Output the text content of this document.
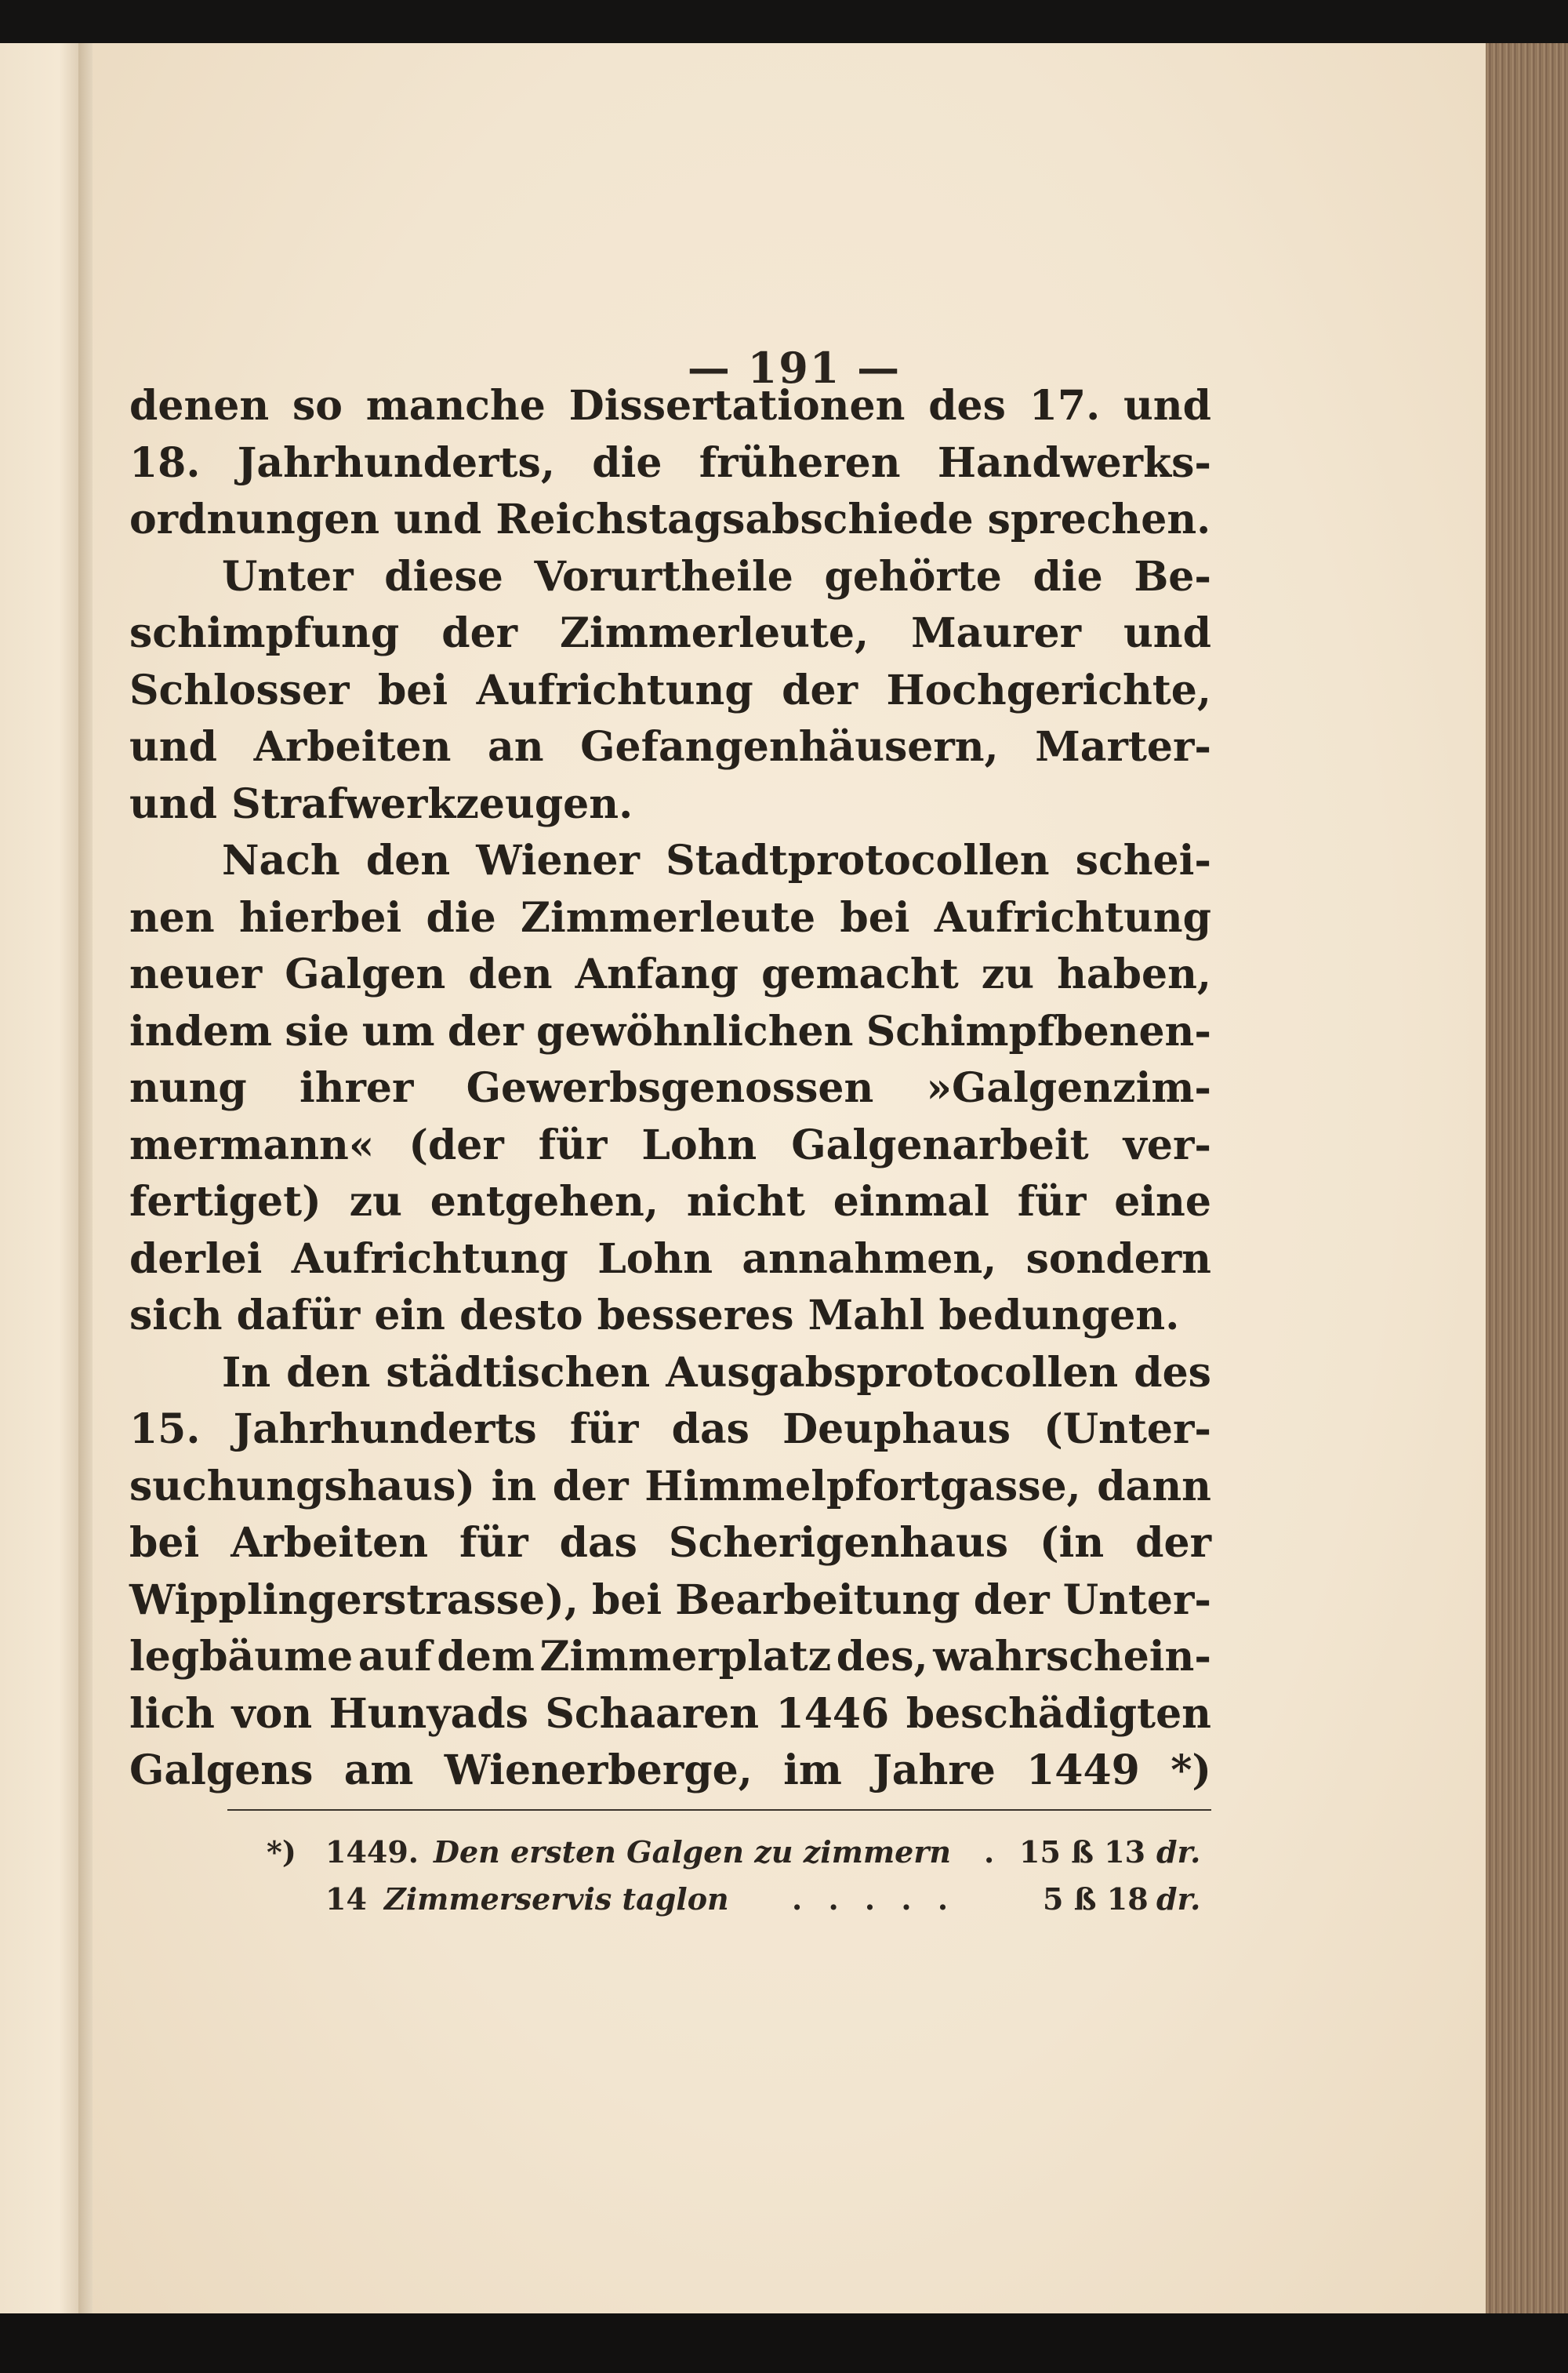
— 191 —
denen so manche Dissertationen des 17. und
18. Jahrhunderts, die früheren Handwerks-
ordnungen
und
Reichstagsabschiede
sprechen.
Unter diese Vorurtheile gehörte die Be-
schimpfung der Zimmerleute, Maurer und
Schlosser bei Aufrichtung der Hochgerichte,
und Arbeiten an Gefangenhäusern, Marter-
und
Strafwerkzeugen.
Nach den Wiener Stadtprotocollen schei-
nen hierbei die Zimmerleute bei Aufrichtung
neuer Galgen den Anfang gemacht zu haben,
indem sie um der gewöhnlichen Schimpfbenen-
nung ihrer Gewerbsgenossen »Galgenzim-
mermann« (der für Lohn Galgenarbeit ver-
fertiget) zu entgehen, nicht einmal für eine
derlei Aufrichtung Lohn annahmen, sondern
sich
dafür
ein
desto
besseres
Mahl
bedungen.
In den städtischen Ausgabsprotocollen des
15. Jahrhunderts für das Deuphaus (Unter-
suchungshaus) in der Himmelpfortgasse, dann
bei Arbeiten für das Scherigenhaus (in der
Wipplingerstrasse), bei Bearbeitung der Unter-
legbäume auf dem Zimmerplatz des, wahrschein-
lich von Hunyads Schaaren 1446 beschädigten
Galgens am Wienerberge, im Jahre 1449 *)
*) 1449. Den ersten Galgen zu zimmern . 15 ß 13 dr.
14 Zimmerservis taglon . . . . .	5 ß 18 dr.
